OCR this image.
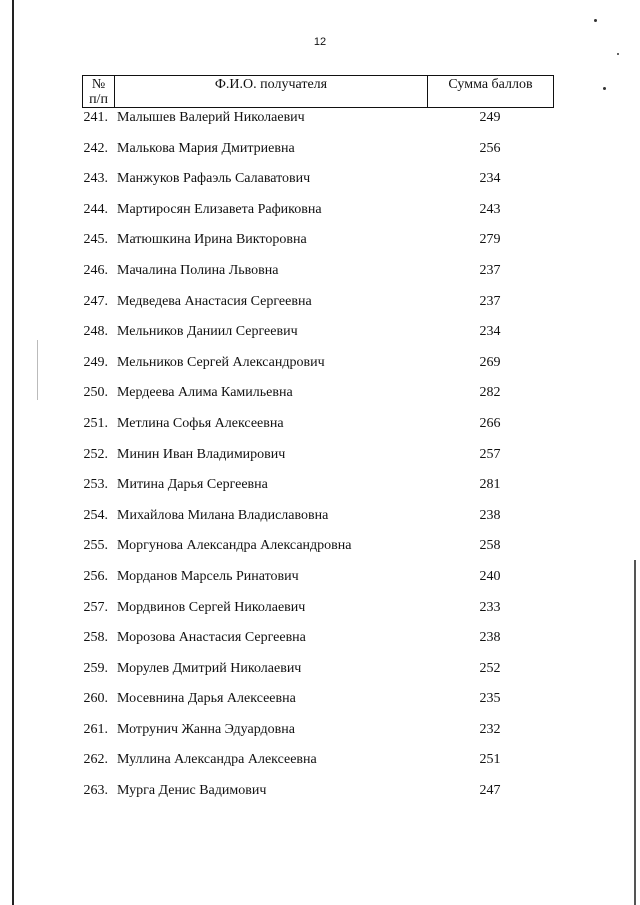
12
№
п/п
	Ф.И.О. получателя	Сумма баллов
241. Малышев Валерий Николаевич	249
242. Малькова Мария Дмитриевна	256
243. Манжуков Рафаэль Салаватович	234
244. Мартиросян Елизавета Рафиковна	243
245. Матюшкина Ирина Викторовна	279
246. Мачалина Полина Львовна	237
247. Медведева Анастасия Сергеевна	237
248. Мельников Даниил Сергеевич	234
249. Мельников Сергей Александрович	269
250. Мердеева Алима Камильевна	282
251. Метлина Софья Алексеевна	266
252. Минин Иван Владимирович	257
253. Митина Дарья Сергеевна	281
254. Михайлова Милана Владиславовна	238
255. Моргунова Александра Александровна	258
256. Морданов Марсель Ринатович	240
257. Мордвинов Сергей Николаевич	233
258. Морозова Анастасия Сергеевна	238
259. Морулев Дмитрий Николаевич	252
260. Мосевнина Дарья Алексеевна	235
261. Мотрунич Жанна Эдуардовна	232
262. Муллина Александра Алексеевна	251
263. Мурга Денис Вадимович	247
